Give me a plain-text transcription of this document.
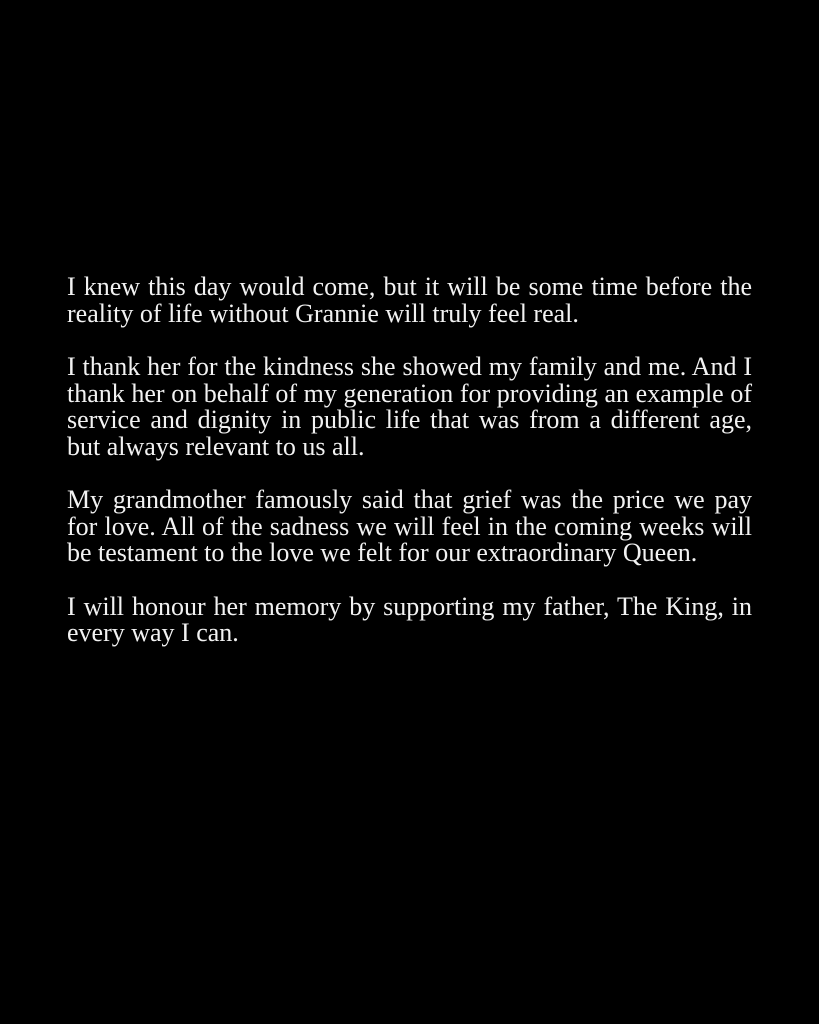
I knew this day would come, but it will be some time before the reality of life without Grannie will truly feel real.

I thank her for the kindness she showed my family and me. And I thank her on behalf of my generation for providing an example of service and dignity in public life that was from a different age, but always relevant to us all.

My grandmother famously said that grief was the price we pay for love. All of the sadness we will feel in the coming weeks will be testament to the love we felt for our extraordinary Queen.

I will honour her memory by supporting my father, The King, in every way I can.
